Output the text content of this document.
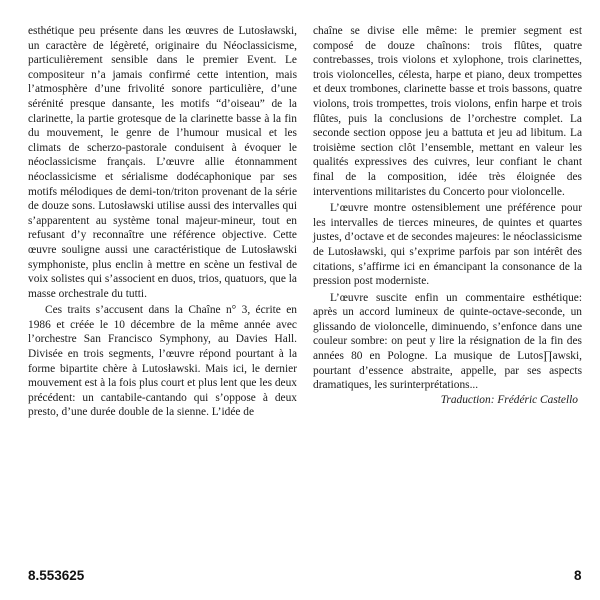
esthétique peu présente dans les œuvres de Lutosławski, un caractère de légèreté, originaire du Néoclassicisme, particulièrement sensible dans le premier Event. Le compositeur n’a jamais confirmé cette intention, mais l’atmosphère d’une frivolité sonore particulière, d’une sérénité presque dansante, les motifs “d’oiseau” de la clarinette, la partie grotesque de la clarinette basse à la fin du mouvement, le genre de l’humour musical et les climats de scherzo-pastorale conduisent à évoquer le néoclassicisme français. L’œuvre allie étonnamment néoclassicisme et sérialisme dodécaphonique par ses motifs mélodiques de demi-ton/triton provenant de la série de douze sons. Lutosławski utilise aussi des intervalles qui s’apparentent au système tonal majeur-mineur, tout en refusant d’y reconnaître une référence objective. Cette œuvre souligne aussi une caractéristique de Lutosławski symphoniste, plus enclin à mettre en scène un festival de voix solistes qui s’associent en duos, trios, quatuors, que la masse orchestrale du tutti.

Ces traits s’accusent dans la Chaîne n° 3, écrite en 1986 et créée le 10 décembre de la même année avec l’orchestre San Francisco Symphony, au Davies Hall. Divisée en trois segments, l’œuvre répond pourtant à la forme bipartite chère à Lutosławski. Mais ici, le dernier mouvement est à la fois plus court et plus lent que les deux précédent: un cantabile-cantando qui s’oppose à deux presto, d’une durée double de la sienne. L’idée de

chaîne se divise elle même: le premier segment est composé de douze chaînons: trois flûtes, quatre contrebasses, trois violons et xylophone, trois clarinettes, trois violoncelles, célesta, harpe et piano, deux trompettes et deux trombones, clarinette basse et trois bassons, quatre violons, trois trompettes, trois violons, enfin harpe et trois flûtes, puis la conclusions de l’orchestre complet. La seconde section oppose jeu a battuta et jeu ad libitum. La troisième section clôt l’ensemble, mettant en valeur les qualités expressives des cuivres, leur confiant le chant final de la composition, idée très éloignée des interventions militaristes du Concerto pour violoncelle.

L’œuvre montre ostensiblement une préférence pour les intervalles de tierces mineures, de quintes et quartes justes, d’octave et de secondes majeures: le néoclassicisme de Lutosławski, qui s’exprime parfois par son intérêt des citations, s’affirme ici en émancipant la consonance de la pression post moderniste.

L’œuvre suscite enfin un commentaire esthétique: après un accord lumineux de quinte-octave-seconde, un glissando de violoncelle, diminuendo, s’enfonce dans une couleur sombre: on peut y lire la résignation de la fin des années 80 en Pologne. La musique de Lutos∏awski, pourtant d’essence abstraite, appelle, par ses aspects dramatiques, les surinterprétations...

Traduction: Frédéric Castello

8.553625	8
